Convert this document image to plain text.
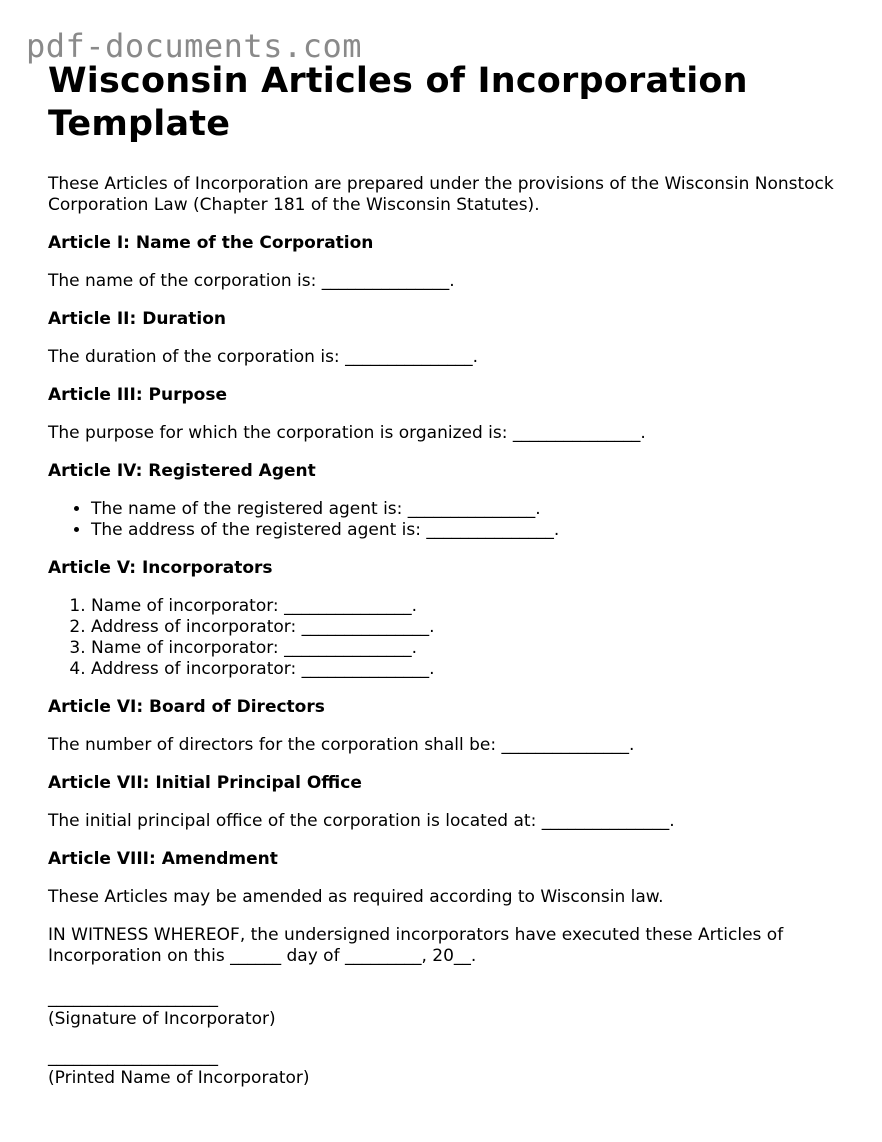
pdf-documents.com
Wisconsin Articles of Incorporation Template

These Articles of Incorporation are prepared under the provisions of the Wisconsin Nonstock Corporation Law (Chapter 181 of the Wisconsin Statutes).

Article I: Name of the Corporation

The name of the corporation is: _______________.

Article II: Duration

The duration of the corporation is: _______________.

Article III: Purpose

The purpose for which the corporation is organized is: _______________.

Article IV: Registered Agent
• The name of the registered agent is: _______________.
• The address of the registered agent is: _______________.
Article V: Incorporators
1. Name of incorporator: _______________.
2. Address of incorporator: _______________.
3. Name of incorporator: _______________.
4. Address of incorporator: _______________.
Article VI: Board of Directors

The number of directors for the corporation shall be: _______________.

Article VII: Initial Principal Office

The initial principal office of the corporation is located at: _______________.

Article VIII: Amendment

These Articles may be amended as required according to Wisconsin law.

IN WITNESS WHEREOF, the undersigned incorporators have executed these Articles of Incorporation on this ______ day of _________, 20__.

____________________

(Signature of Incorporator)

____________________

(Printed Name of Incorporator)
